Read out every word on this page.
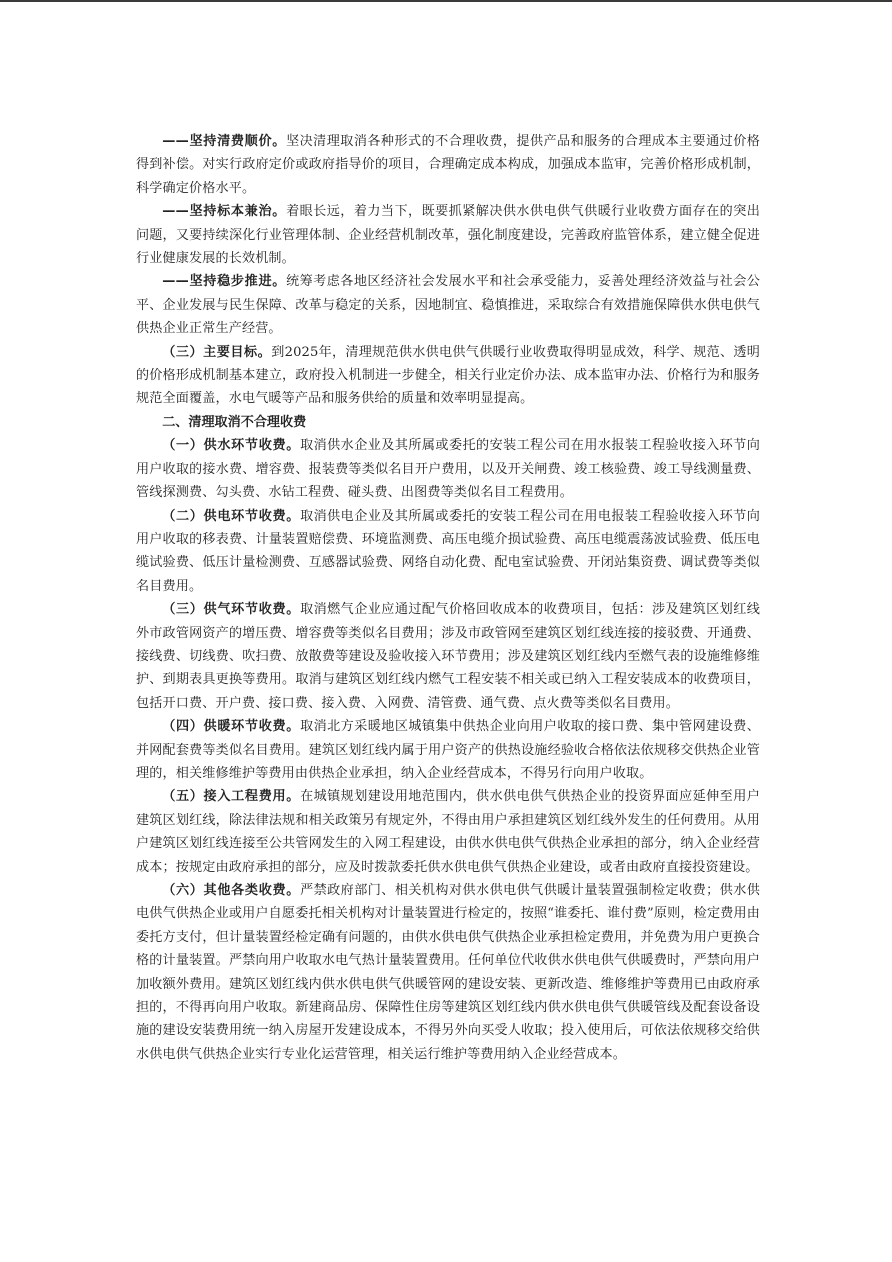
——坚持清费顺价。坚决清理取消各种形式的不合理收费，提供产品和服务的合理成本主要通过价格得到补偿。对实行政府定价或政府指导价的项目，合理确定成本构成，加强成本监审，完善价格形成机制，科学确定价格水平。

——坚持标本兼治。着眼长远，着力当下，既要抓紧解决供水供电供气供暖行业收费方面存在的突出问题，又要持续深化行业管理体制、企业经营机制改革，强化制度建设，完善政府监管体系，建立健全促进行业健康发展的长效机制。

——坚持稳步推进。统筹考虑各地区经济社会发展水平和社会承受能力，妥善处理经济效益与社会公平、企业发展与民生保障、改革与稳定的关系，因地制宜、稳慎推进，采取综合有效措施保障供水供电供气供热企业正常生产经营。

（三）主要目标。到2025年，清理规范供水供电供气供暖行业收费取得明显成效，科学、规范、透明的价格形成机制基本建立，政府投入机制进一步健全，相关行业定价办法、成本监审办法、价格行为和服务规范全面覆盖，水电气暖等产品和服务供给的质量和效率明显提高。

二、清理取消不合理收费

（一）供水环节收费。取消供水企业及其所属或委托的安装工程公司在用水报装工程验收接入环节向用户收取的接水费、增容费、报装费等类似名目开户费用，以及开关闸费、竣工核验费、竣工导线测量费、管线探测费、勾头费、水钻工程费、碰头费、出图费等类似名目工程费用。

（二）供电环节收费。取消供电企业及其所属或委托的安装工程公司在用电报装工程验收接入环节向用户收取的移表费、计量装置赔偿费、环境监测费、高压电缆介损试验费、高压电缆震荡波试验费、低压电缆试验费、低压计量检测费、互感器试验费、网络自动化费、配电室试验费、开闭站集资费、调试费等类似名目费用。

（三）供气环节收费。取消燃气企业应通过配气价格回收成本的收费项目，包括：涉及建筑区划红线外市政管网资产的增压费、增容费等类似名目费用；涉及市政管网至建筑区划红线连接的接驳费、开通费、接线费、切线费、吹扫费、放散费等建设及验收接入环节费用；涉及建筑区划红线内至燃气表的设施维修维护、到期表具更换等费用。取消与建筑区划红线内燃气工程安装不相关或已纳入工程安装成本的收费项目，包括开口费、开户费、接口费、接入费、入网费、清管费、通气费、点火费等类似名目费用。

（四）供暖环节收费。取消北方采暖地区城镇集中供热企业向用户收取的接口费、集中管网建设费、并网配套费等类似名目费用。建筑区划红线内属于用户资产的供热设施经验收合格依法依规移交供热企业管理的，相关维修维护等费用由供热企业承担，纳入企业经营成本，不得另行向用户收取。

（五）接入工程费用。在城镇规划建设用地范围内，供水供电供气供热企业的投资界面应延伸至用户建筑区划红线，除法律法规和相关政策另有规定外，不得由用户承担建筑区划红线外发生的任何费用。从用户建筑区划红线连接至公共管网发生的入网工程建设，由供水供电供气供热企业承担的部分，纳入企业经营成本；按规定由政府承担的部分，应及时拨款委托供水供电供气供热企业建设，或者由政府直接投资建设。

（六）其他各类收费。严禁政府部门、相关机构对供水供电供气供暖计量装置强制检定收费；供水供电供气供热企业或用户自愿委托相关机构对计量装置进行检定的，按照“谁委托、谁付费”原则，检定费用由委托方支付，但计量装置经检定确有问题的，由供水供电供气供热企业承担检定费用，并免费为用户更换合格的计量装置。严禁向用户收取水电气热计量装置费用。任何单位代收供水供电供气供暖费时，严禁向用户加收额外费用。建筑区划红线内供水供电供气供暖管网的建设安装、更新改造、维修维护等费用已由政府承担的，不得再向用户收取。新建商品房、保障性住房等建筑区划红线内供水供电供气供暖管线及配套设备设施的建设安装费用统一纳入房屋开发建设成本，不得另外向买受人收取；投入使用后，可依法依规移交给供水供电供气供热企业实行专业化运营管理，相关运行维护等费用纳入企业经营成本。
